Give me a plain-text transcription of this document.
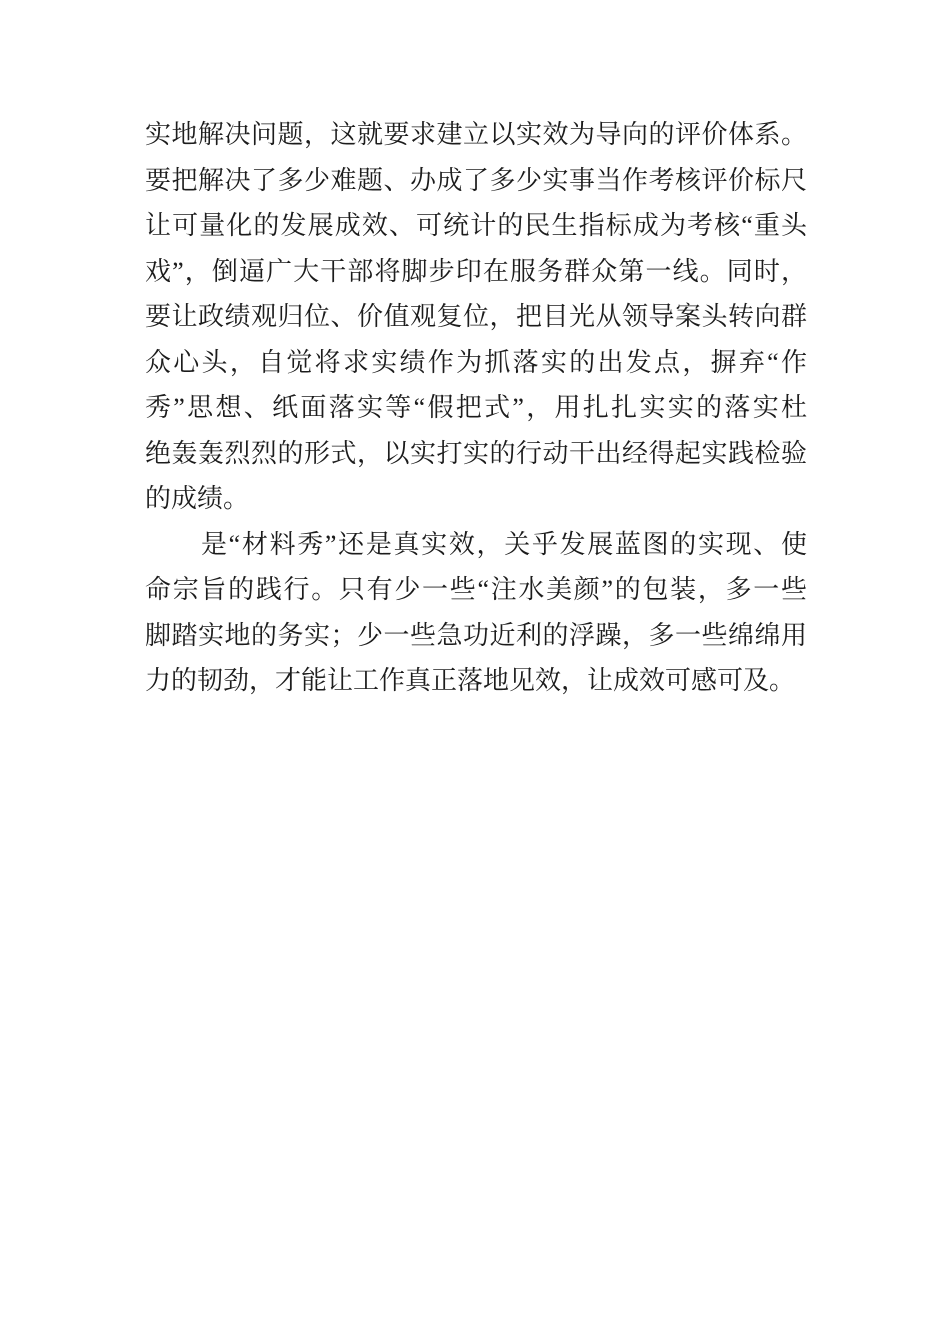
实地解决问题，这就要求建立以实效为导向的评价体系。
要把解决了多少难题、办成了多少实事当作考核评价标尺
让可量化的发展成效、可统计的民生指标成为考核“重头
戏”，倒逼广大干部将脚步印在服务群众第一线。同时，
要让政绩观归位、价值观复位，把目光从领导案头转向群
众心头，自觉将求实绩作为抓落实的出发点，摒弃“作
秀”思想、纸面落实等“假把式”，用扎扎实实的落实杜
绝轰轰烈烈的形式，以实打实的行动干出经得起实践检验
的成绩。
是“材料秀”还是真实效，关乎发展蓝图的实现、使
命宗旨的践行。只有少一些“注水美颜”的包装，多一些
脚踏实地的务实；少一些急功近利的浮躁，多一些绵绵用
力的韧劲，才能让工作真正落地见效，让成效可感可及。
